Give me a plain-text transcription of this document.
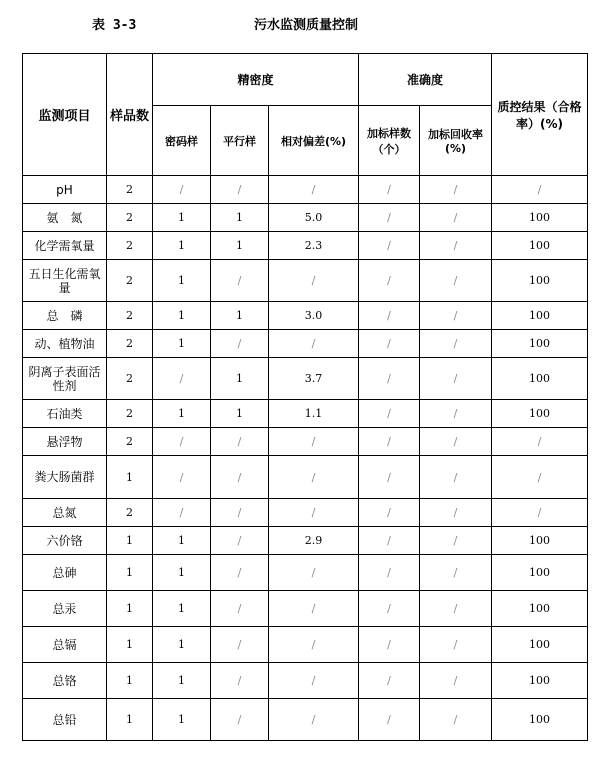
表 3-3	污水监测质量控制
监测项目	样品数	精密度			准确度		质控结果（合格率）(%)
		密码样	平行样	相对偏差(%)	加标样数（个）	加标回收率(%)	
pH	2	/	/	/	/	/	/
氨　氮	2	1	1	5.0	/	/	100
化学需氧量	2	1	1	2.3	/	/	100
五日生化需氧量	2	1	/	/	/	/	100
总　磷	2	1	1	3.0	/	/	100
动、植物油	2	1	/	/	/	/	100
阴离子表面活性剂	2	/	1	3.7	/	/	100
石油类	2	1	1	1.1	/	/	100
悬浮物	2	/	/	/	/	/	/
粪大肠菌群	1	/	/	/	/	/	/
总氮	2	/	/	/	/	/	/
六价铬	1	1	/	2.9	/	/	100
总砷	1	1	/	/	/	/	100
总汞	1	1	/	/	/	/	100
总镉	1	1	/	/	/	/	100
总铬	1	1	/	/	/	/	100
总铅	1	1	/	/	/	/	100
